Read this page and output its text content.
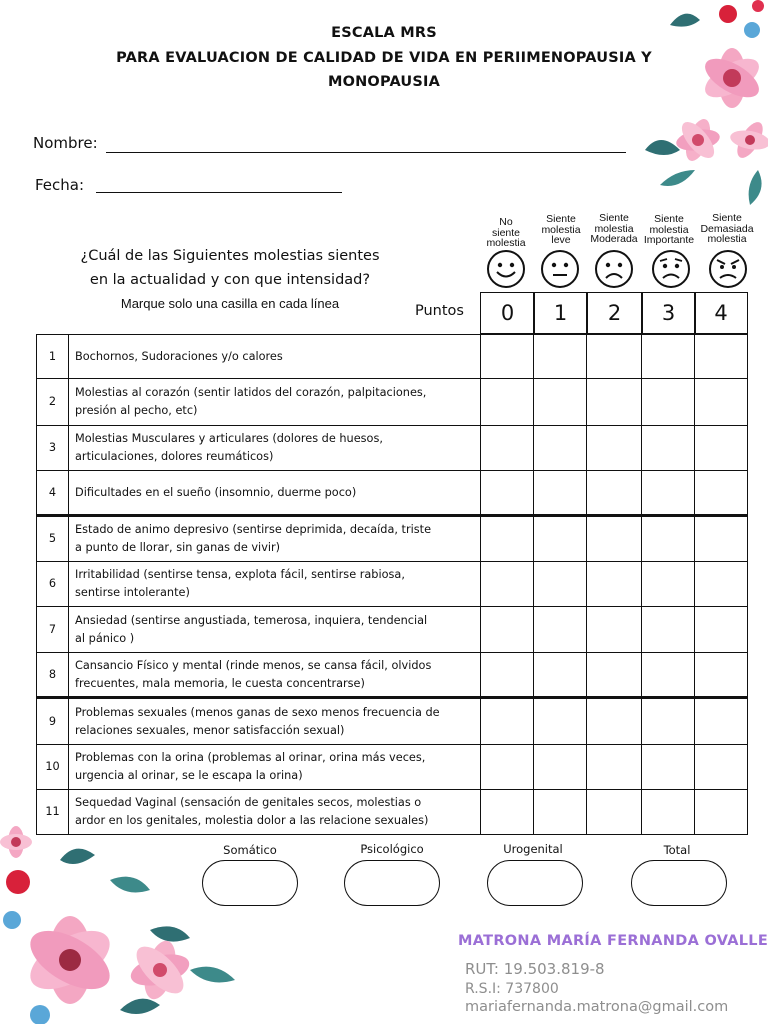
ESCALA MRS
PARA EVALUACION DE CALIDAD DE VIDA EN PERIIMENOPAUSIA Y
MONOPAUSIA
Nombre:
Fecha:
¿Cuál de las Siguientes molestias sientes
en la actualidad y con que intensidad?
Marque solo una casilla en cada línea	Puntos
No
siente
molestia
Siente
molestia
leve
Siente
molestia
Moderada
Siente
molestia
Importante
Siente
Demasiada
molestia
0	1	2	3	4
1	Bochornos, Sudoraciones y/o calores					

2	Molestias al corazón (sentir latidos del corazón, palpitaciones,
presión al pecho, etc)					

3	Molestias Musculares y articulares (dolores de huesos,
articulaciones, dolores reumáticos)					

4	Dificultades en el sueño (insomnio, duerme poco)					

5	Estado de animo depresivo (sentirse deprimida, decaída, triste
a punto de llorar, sin ganas de vivir)					

6	Irritabilidad (sentirse tensa, explota fácil, sentirse rabiosa,
sentirse intolerante)					

7	Ansiedad (sentirse angustiada, temerosa, inquiera, tendencial
al pánico )					

8	Cansancio Físico y mental (rinde menos, se cansa fácil, olvidos
frecuentes, mala memoria, le cuesta concentrarse)					

9	Problemas sexuales (menos ganas de sexo menos frecuencia de
relaciones sexuales, menor satisfacción sexual)					

10	Problemas con la orina (problemas al orinar, orina más veces,
urgencia al orinar, se le escapa la orina)					

11	Sequedad Vaginal (sensación de genitales secos, molestias o
ardor en los genitales, molestia dolor a las relacione sexuales)					

Somático	Psicológico	Urogenital	Total
MATRONA MARÍA FERNANDA OVALLE
RUT: 19.503.819-8
R.S.I: 737800
mariafernanda.matrona@gmail.com
